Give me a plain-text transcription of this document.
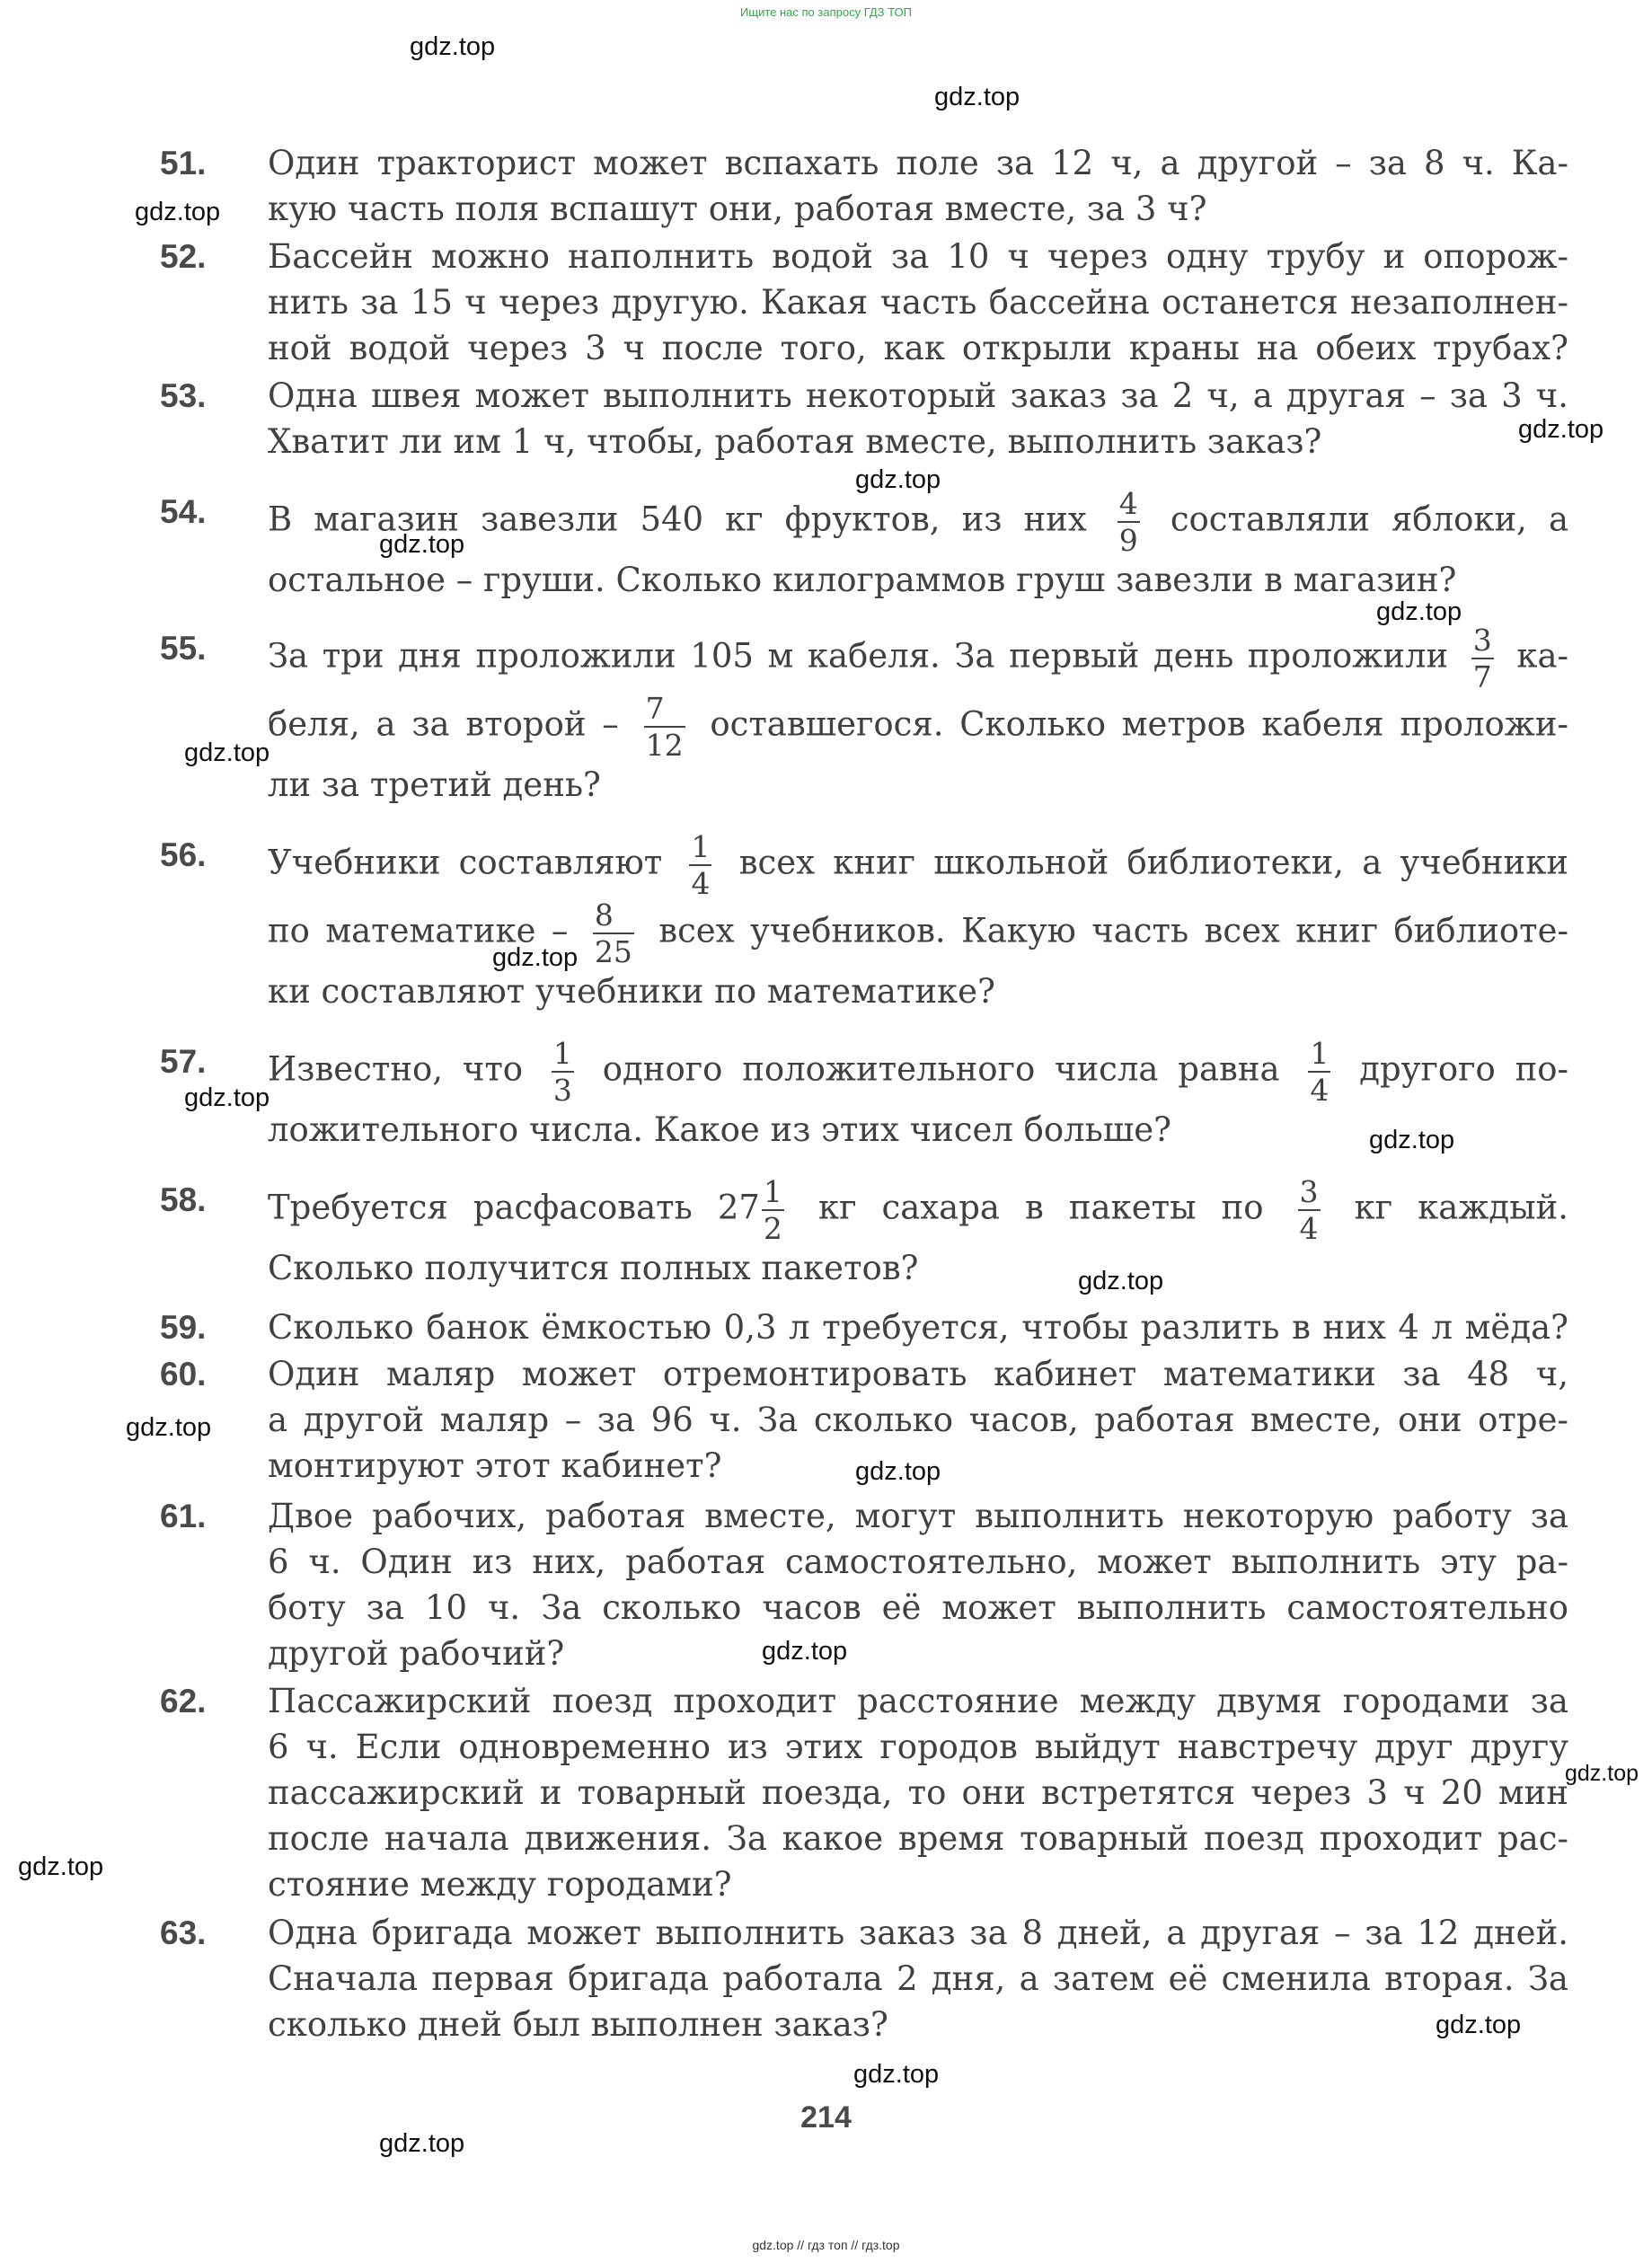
Ищите нас по запросу ГДЗ ТОП
gdz.top
gdz.top
gdz.top
gdz.top
gdz.top
gdz.top
gdz.top
gdz.top
gdz.top
gdz.top
gdz.top
gdz.top
gdz.top
gdz.top
gdz.top
gdz.top
gdz.top
gdz.top
gdz.top
gdz.top
51. Один тракторист может вспахать поле за 12 ч, а другой – за 8 ч. Ка-
кую часть поля вспашут они, работая вместе, за 3 ч?
52. Бассейн можно наполнить водой за 10 ч через одну трубу и опорож-
нить за 15 ч через другую. Какая часть бассейна останется незаполнен-
ной водой через 3 ч после того, как открыли краны на обеих трубах?
53. Одна швея может выполнить некоторый заказ за 2 ч, а другая – за 3 ч.
Хватит ли им 1 ч, чтобы, работая вместе, выполнить заказ?
54. В магазин завезли 540 кг фруктов, из них $\frac{4}{9}$ составляли яблоки, а
остальное – груши. Сколько килограммов груш завезли в магазин?
55. За три дня проложили 105 м кабеля. За первый день проложили $\frac{3}{7} ка-$
беля, а за второй – $\frac{7}{12}$ оставшегося. Сколько метров кабеля проложи-
ли за третий день?
56. Учебники составляют $\frac{1}{4}$ всех книг школьной библиотеки, а учебники
по математике – $\frac{8}{25}$ всех учебников. Какую часть всех книг библиоте-
ки составляют учебники по математике?
57. Известно, что $\frac{1}{3}$ одного положительного числа равна $\frac{1}{4}$ другого по-
ложительного числа. Какое из этих чисел больше?
58. Требуется расфасовать $27 \frac{1}{2}$ кг сахара в пакеты по $\frac{3}{4}$ кг каждый.
Сколько получится полных пакетов?
59. Сколько банок ёмкостью 0,3 л требуется, чтобы разлить в них 4 л мёда?
60. Один маляр может отремонтировать кабинет математики за 48 ч,
а другой маляр – за 96 ч. За сколько часов, работая вместе, они отре-
монтируют этот кабинет?
61. Двое рабочих, работая вместе, могут выполнить некоторую работу за
6 ч. Один из них, работая самостоятельно, может выполнить эту ра-
боту за 10 ч. За сколько часов её может выполнить самостоятельно
другой рабочий?
62. Пассажирский поезд проходит расстояние между двумя городами за
6 ч. Если одновременно из этих городов выйдут навстречу друг другу
пассажирский и товарный поезда, то они встретятся через 3 ч 20 мин
после начала движения. За какое время товарный поезд проходит рас-
стояние между городами?
63. Одна бригада может выполнить заказ за 8 дней, а другая – за 12 дней.
Сначала первая бригада работала 2 дня, а затем её сменила вторая. За
сколько дней был выполнен заказ?
214
gdz.top // гдз топ // гдз.top
